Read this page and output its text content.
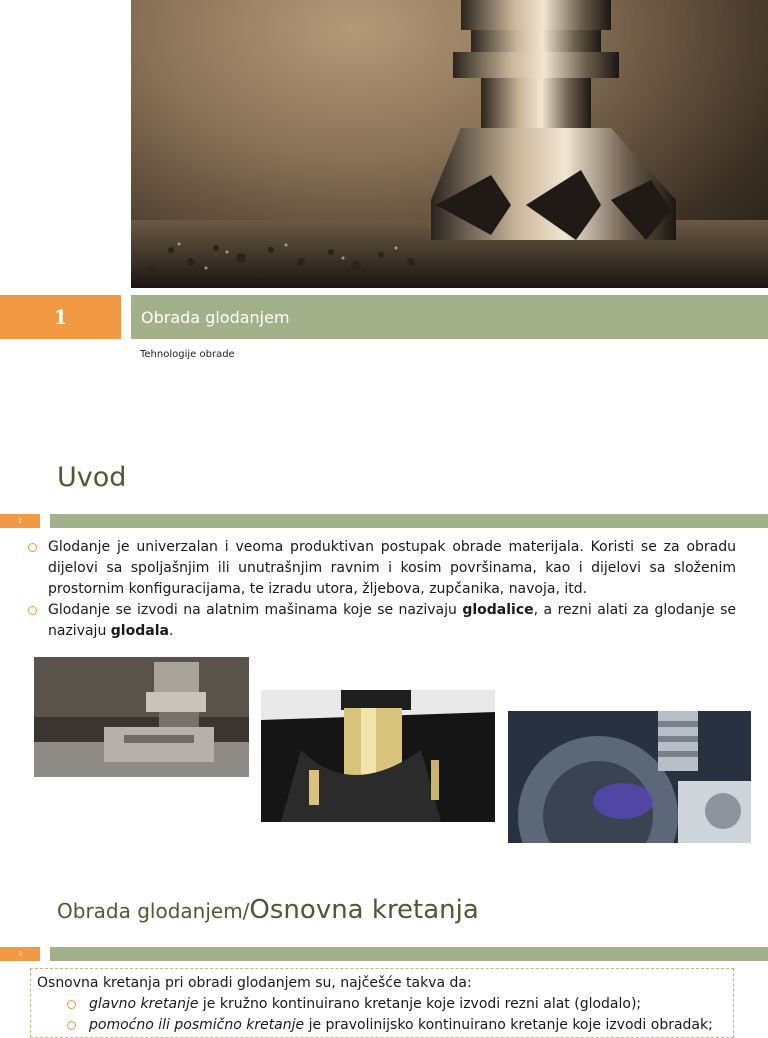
1	Obrada glodanjem
Tehnologije obrade
Uvod
2
Glodanje je univerzalan i veoma produktivan postupak obrade materijala. Koristi se za obradu dijelovi sa spoljašnjim ili unutrašnjim ravnim i kosim površinama, kao i dijelovi sa složenim prostornim konfiguracijama, te izradu utora, žljebova, zupčanika, navoja, itd.
Glodanje se izvodi na alatnim mašinama koje se nazivaju glodalice, a rezni alati za glodanje se nazivaju glodala.
Obrada glodanjem/Osnovna kretanja
3
Osnovna kretanja pri obradi glodanjem su, najčešće takva da:
glavno kretanje je kružno kontinuirano kretanje koje izvodi rezni alat (glodalo);
pomoćno ili posmično kretanje je pravolinijsko kontinuirano kretanje koje izvodi obradak;
